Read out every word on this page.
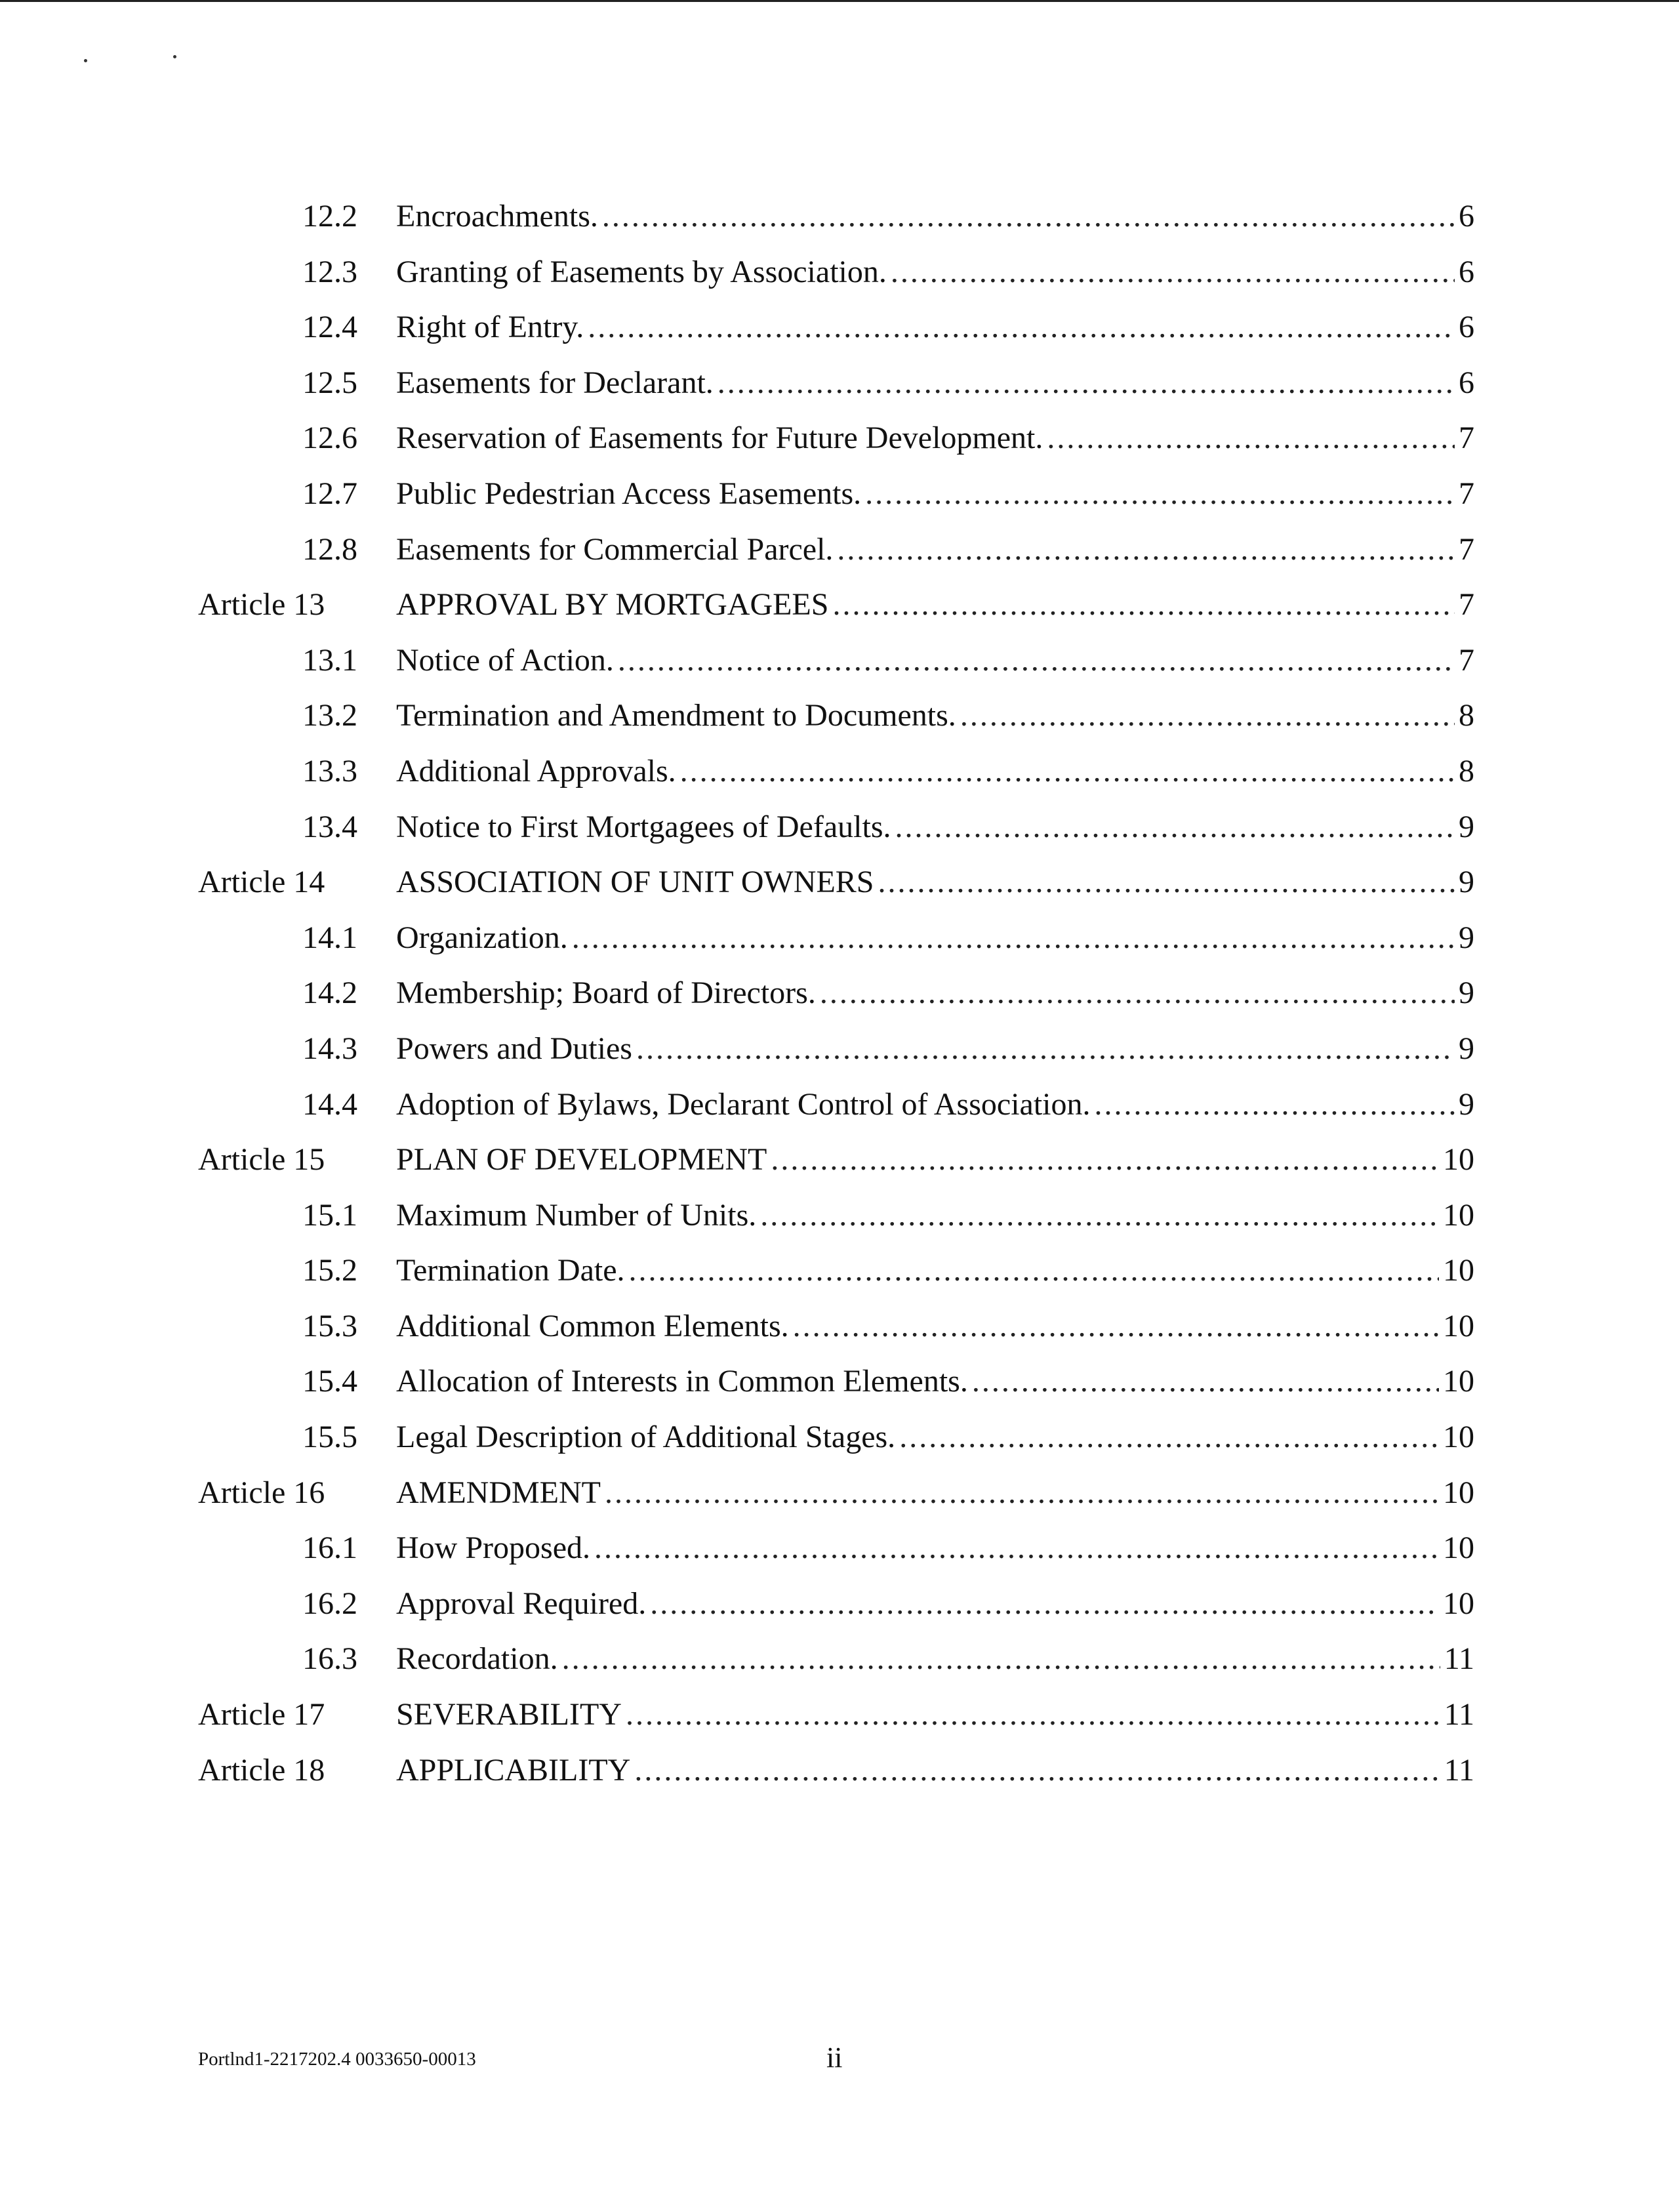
12.2 Encroachments. .....	6
12.3 Granting of Easements by Association. .....	6
12.4 Right of Entry. .....	6
12.5 Easements for Declarant. .....	6
12.6 Reservation of Easements for Future Development. .....	7
12.7 Public Pedestrian Access Easements. .....	7
12.8 Easements for Commercial Parcel. .....	7
Article 13 APPROVAL BY MORTGAGEES .....	7
13.1 Notice of Action. .....	7
13.2 Termination and Amendment to Documents. .....	8
13.3 Additional Approvals. .....	8
13.4 Notice to First Mortgagees of Defaults. .....	9
Article 14 ASSOCIATION OF UNIT OWNERS .....	9
14.1 Organization. .....	9
14.2 Membership; Board of Directors. .....	9
14.3 Powers and Duties .....	9
14.4 Adoption of Bylaws, Declarant Control of Association. .....	9
Article 15 PLAN OF DEVELOPMENT .....	10
15.1 Maximum Number of Units. .....	10
15.2 Termination Date. .....	10
15.3 Additional Common Elements. .....	10
15.4 Allocation of Interests in Common Elements. .....	10
15.5 Legal Description of Additional Stages. .....	10
Article 16 AMENDMENT .....	10
16.1 How Proposed. .....	10
16.2 Approval Required. .....	10
16.3 Recordation. .....	11
Article 17 SEVERABILITY .....	11
Article 18 APPLICABILITY .....	11
Portlnd1-2217202.4 0033650-00013	ii
